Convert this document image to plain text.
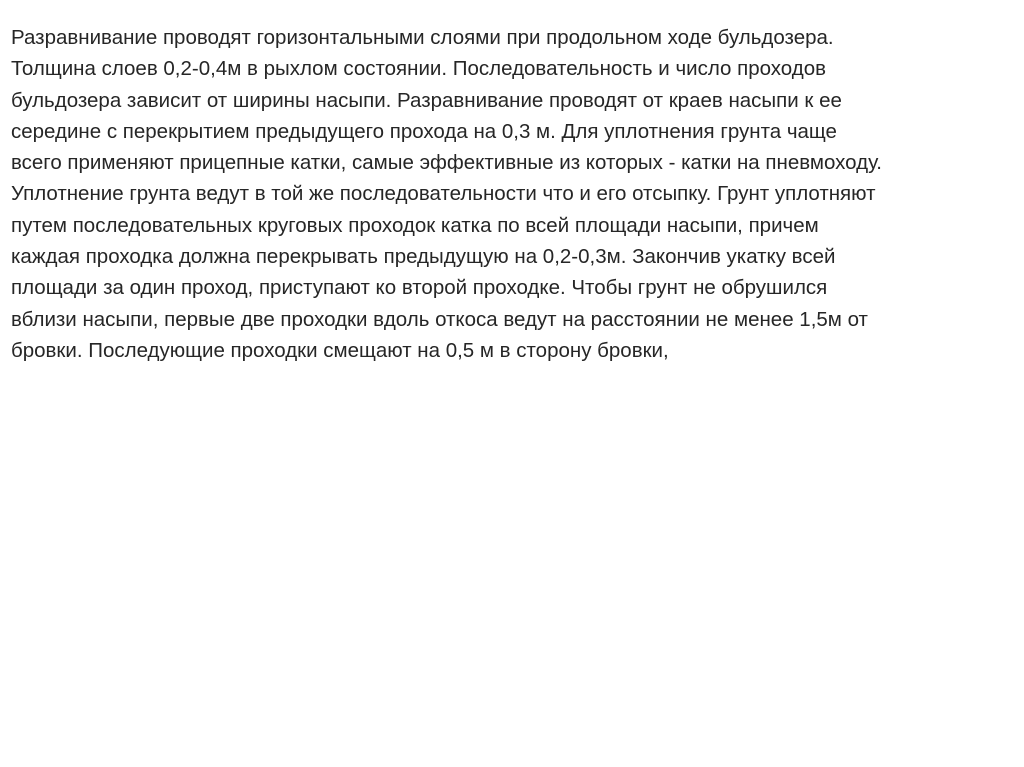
Разравнивание проводят горизонтальными слоями при продольном ходе бульдозера.
Толщина слоев 0,2-0,4м в рыхлом состоянии. Последовательность и число проходов
бульдозера зависит от ширины насыпи. Разравнивание проводят от краев насыпи к ее
середине с перекрытием предыдущего прохода на 0,3 м. Для уплотнения грунта чаще
всего применяют прицепные катки, самые эффективные из которых - катки на пневмоходу.
Уплотнение грунта ведут в той же последовательности что и его отсыпку. Грунт уплотняют
путем последовательных круговых проходок катка по всей площади насыпи, причем
каждая проходка должна перекрывать предыдущую на 0,2-0,3м. Закончив укатку всей
площади за один проход, приступают ко второй проходке. Чтобы грунт не обрушился
вблизи насыпи, первые две проходки вдоль откоса ведут на расстоянии не менее 1,5м от
бровки. Последующие проходки смещают на 0,5 м в сторону бровки,
